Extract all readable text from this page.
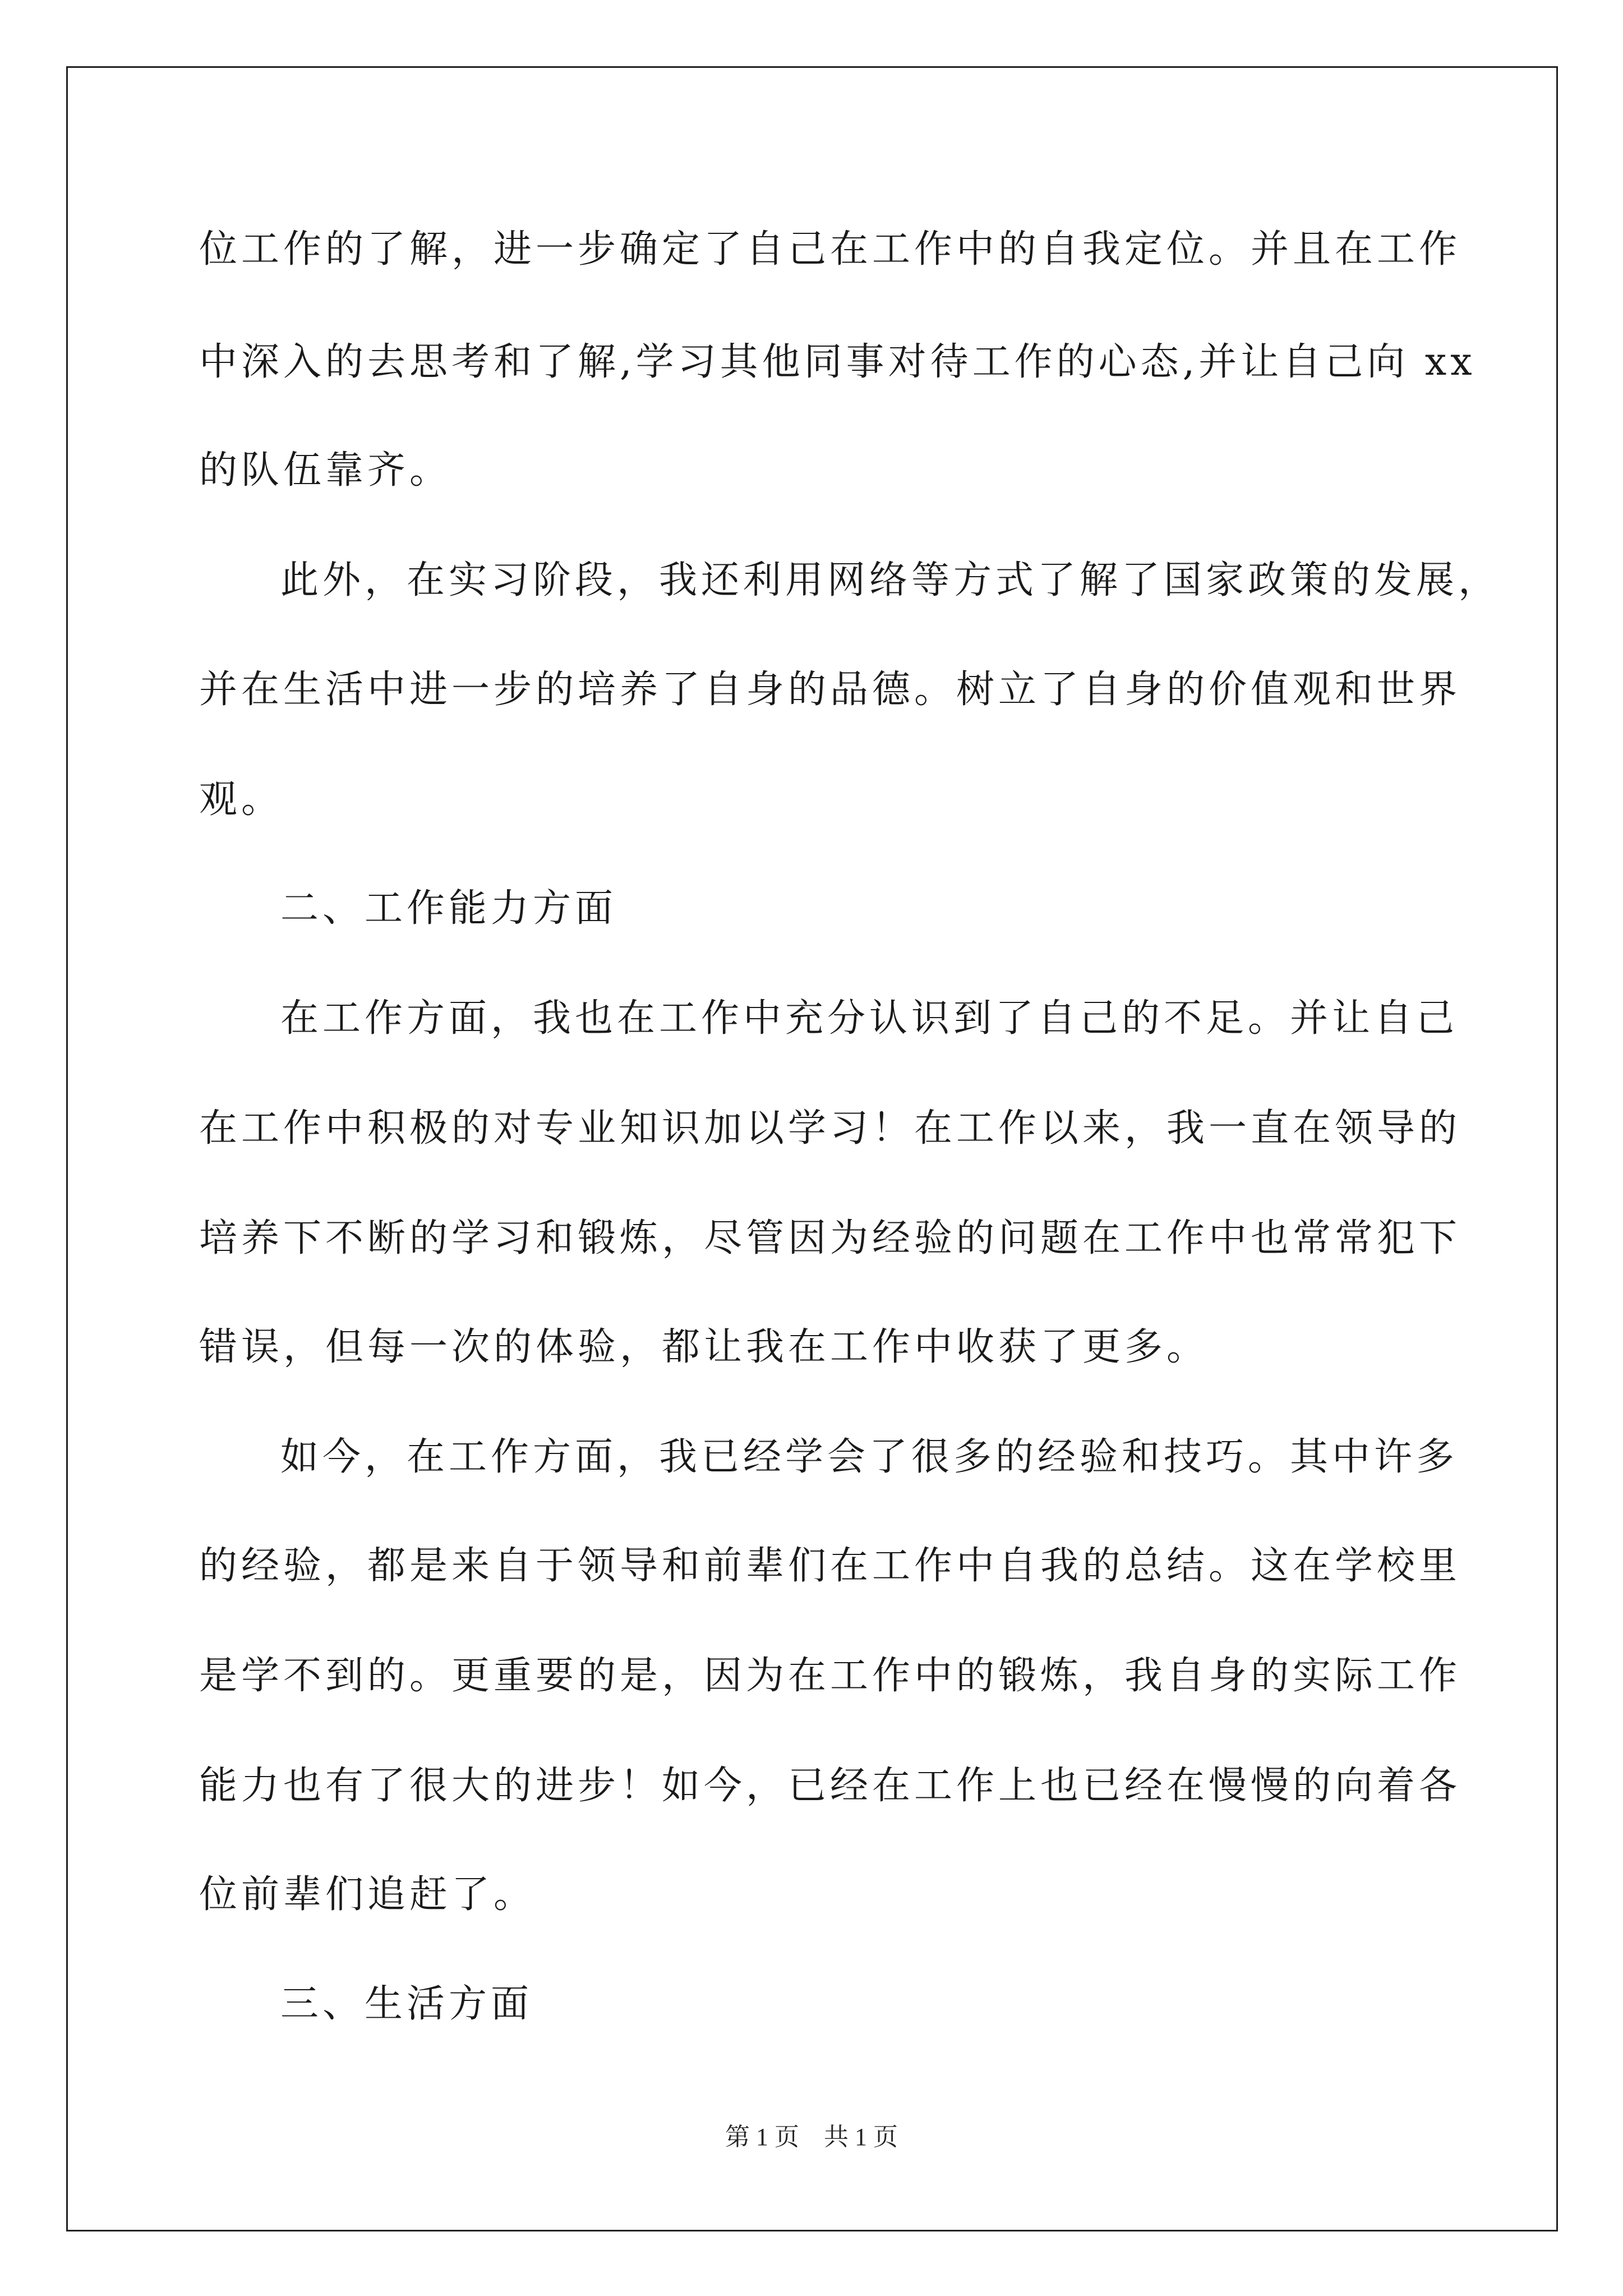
位工作的了解，进一步确定了自己在工作中的自我定位。并且在工作
中深入的去思考和了解,学习其他同事对待工作的心态,并让自己向 xx
的队伍靠齐。
此外，在实习阶段，我还利用网络等方式了解了国家政策的发展，
并在生活中进一步的培养了自身的品德。树立了自身的价值观和世界
观。
二、工作能力方面
在工作方面，我也在工作中充分认识到了自己的不足。并让自己
在工作中积极的对专业知识加以学习！在工作以来，我一直在领导的
培养下不断的学习和锻炼，尽管因为经验的问题在工作中也常常犯下
错误，但每一次的体验，都让我在工作中收获了更多。
如今，在工作方面，我已经学会了很多的经验和技巧。其中许多
的经验，都是来自于领导和前辈们在工作中自我的总结。这在学校里
是学不到的。更重要的是，因为在工作中的锻炼，我自身的实际工作
能力也有了很大的进步！如今，已经在工作上也已经在慢慢的向着各
位前辈们追赶了。
三、生活方面
第 1 页　共 1 页
